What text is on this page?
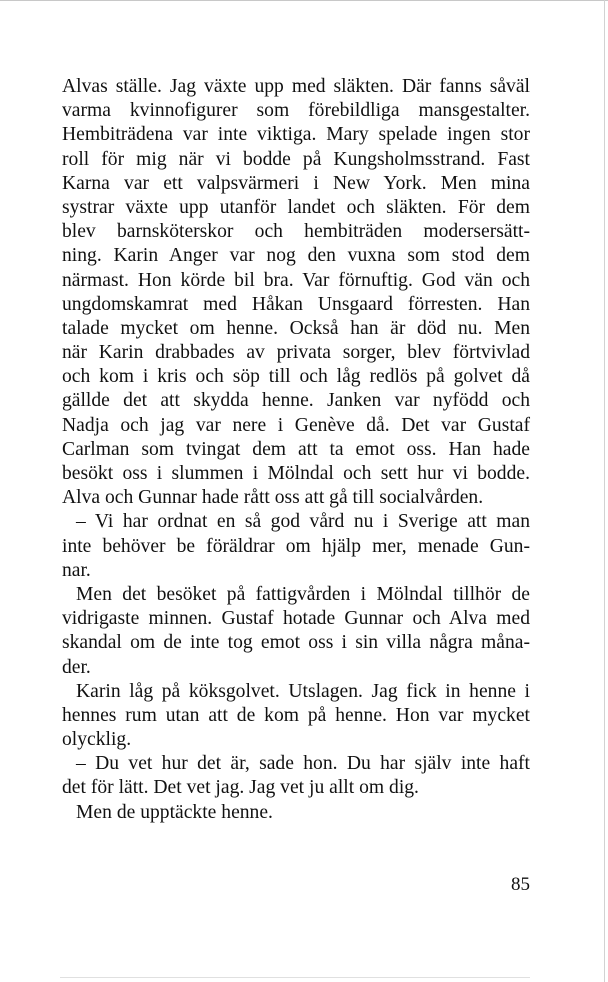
Alvas ställe. Jag växte upp med släkten. Där fanns såväl
varma kvinnofigurer som förebildliga mansgestalter.
Hembiträdena var inte viktiga. Mary spelade ingen stor
roll för mig när vi bodde på Kungsholmsstrand. Fast
Karna var ett valpsvärmeri i New York. Men mina
systrar växte upp utanför landet och släkten. För dem
blev barnsköterskor och hembiträden modersersätt-
ning. Karin Anger var nog den vuxna som stod dem
närmast. Hon körde bil bra. Var förnuftig. God vän och
ungdomskamrat med Håkan Unsgaard förresten. Han
talade mycket om henne. Också han är död nu. Men
när Karin drabbades av privata sorger, blev förtvivlad
och kom i kris och söp till och låg redlös på golvet då
gällde det att skydda henne. Janken var nyfödd och
Nadja och jag var nere i Genève då. Det var Gustaf
Carlman som tvingat dem att ta emot oss. Han hade
besökt oss i slummen i Mölndal och sett hur vi bodde.
Alva och Gunnar hade rått oss att gå till socialvården.
– Vi har ordnat en så god vård nu i Sverige att man
inte behöver be föräldrar om hjälp mer, menade Gun-
nar.
Men det besöket på fattigvården i Mölndal tillhör de
vidrigaste minnen. Gustaf hotade Gunnar och Alva med
skandal om de inte tog emot oss i sin villa några måna-
der.
Karin låg på köksgolvet. Utslagen. Jag fick in henne i
hennes rum utan att de kom på henne. Hon var mycket
olycklig.
– Du vet hur det är, sade hon. Du har själv inte haft
det för lätt. Det vet jag. Jag vet ju allt om dig.
Men de upptäckte henne.
85
